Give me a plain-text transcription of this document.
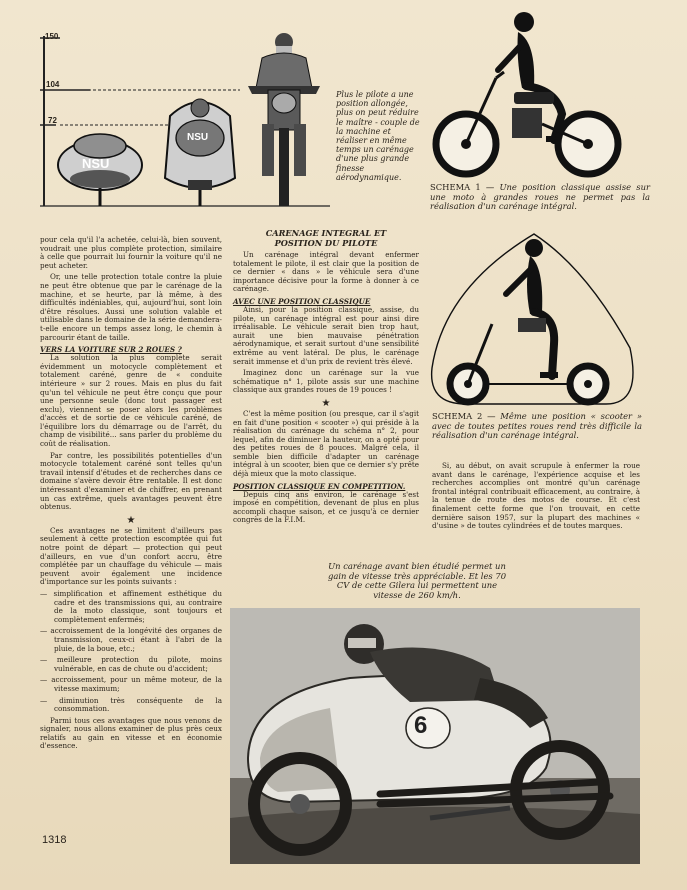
150
104
72
NSU
NSU
Plus le pilote a une position allongée, plus on peut réduire le maître - couple de la machine et réaliser en même temps un carénage d'une plus grande finesse aérodynamique.
SCHEMA 1 — Une position classique assise sur une moto à grandes roues ne permet pas la réalisation d'un carénage intégral.
SCHEMA 2 — Même une position « scooter » avec de toutes petites roues rend très difficile la réalisation d'un carénage intégral.

pour cela qu'il l'a achetée, celui-là, bien souvent, voudrait une plus complète protection, similaire à celle que pourrait lui fournir la voiture qu'il ne peut acheter.

Or, une telle protection totale contre la pluie ne peut être obtenue que par le carénage de la machine, et se heurte, par là même, à des difficultés indéniables, qui, aujourd'hui, sont loin d'être résolues. Aussi une solution valable et utilisable dans le domaine de la série demandera-t-elle encore un temps assez long, le chemin à parcourir étant de taille.

VERS LA VOITURE SUR 2 ROUES ?

La solution la plus complète serait évidemment un motocycle complètement et totalement caréné, genre de « conduite intérieure » sur 2 roues. Mais en plus du fait qu'un tel véhicule ne peut être conçu que pour une personne seule (donc tout passager est exclu), viennent se poser alors les problèmes d'accès et de sortie de ce véhicule caréné, de l'équilibre lors du démarrage ou de l'arrêt, du champ de visibilité... sans parler du problème du coût de réalisation.

Par contre, les possibilités potentielles d'un motocycle totalement caréné sont telles qu'un travail intensif d'études et de recherches dans ce domaine s'avère devoir être rentable. Il est donc intéressant d'examiner et de chiffrer, en prenant un cas extrême, quels avantages peuvent être obtenus.

★

Ces avantages ne se limitent d'ailleurs pas seulement à cette protection escomptée qui fut notre point de départ — protection qui peut d'ailleurs, en vue d'un confort accru, être complétée par un chauffage du véhicule — mais peuvent avoir également une incidence d'importance sur les points suivants :

— simplification et affinement esthétique du cadre et des transmissions qui, au contraire de la moto classique, sont toujours et complètement enfermés;
— accroissement de la longévité des organes de transmission, ceux-ci étant à l'abri de la pluie, de la boue, etc.;
— meilleure protection du pilote, moins vulnérable, en cas de chute ou d'accident;
— accroissement, pour un même moteur, de la vitesse maximum;
— diminution très conséquente de la consommation.

Parmi tous ces avantages que nous venons de signaler, nous allons examiner de plus près ceux relatifs au gain en vitesse et en économie d'essence.

CARENAGE INTEGRAL ET POSITION DU PILOTE

Un carénage intégral devant enfermer totalement le pilote, il est clair que la position de ce dernier « dans » le véhicule sera d'une importance décisive pour la forme à donner à ce carénage.

AVEC UNE POSITION CLASSIQUE

Ainsi, pour la position classique, assise, du pilote, un carénage intégral est pour ainsi dire irréalisable. Le véhicule serait bien trop haut, aurait une bien mauvaise pénétration aérodynamique, et serait surtout d'une sensibilité extrême au vent latéral. De plus, le carénage serait immense et d'un prix de revient très élevé.

Imaginez donc un carénage sur la vue schématique n° 1, pilote assis sur une machine classique aux grandes roues de 19 pouces !

★

C'est la même position (ou presque, car il s'agit en fait d'une position « scooter ») qui préside à la réalisation du carénage du schéma n° 2, pour lequel, afin de diminuer la hauteur, on a opté pour des petites roues de 8 pouces. Malgré cela, il semble bien difficile d'adapter un carénage intégral à un scooter, bien que ce dernier s'y prête déjà mieux que la moto classique.

POSITION CLASSIQUE EN COMPETITION.

Depuis cinq ans environ, le carénage s'est imposé en compétition, devenant de plus en plus accompli chaque saison, et ce jusqu'à ce dernier congrès de la F.I.M.

Si, au début, on avait scrupule à enfermer la roue avant dans le carénage, l'expérience acquise et les recherches accomplies ont montré qu'un carénage frontal intégral contribuait efficacement, au contraire, à la tenue de route des motos de course. Et c'est finalement cette forme que l'on trouvait, en cette dernière saison 1957, sur la plupart des machines « d'usine » de toutes cylindrées et de toutes marques.

Un carénage avant bien étudié permet un gain de vitesse très appréciable. Et les 70 CV de cette Gilera lui permettent une vitesse de 260 km/h.
6
1318
